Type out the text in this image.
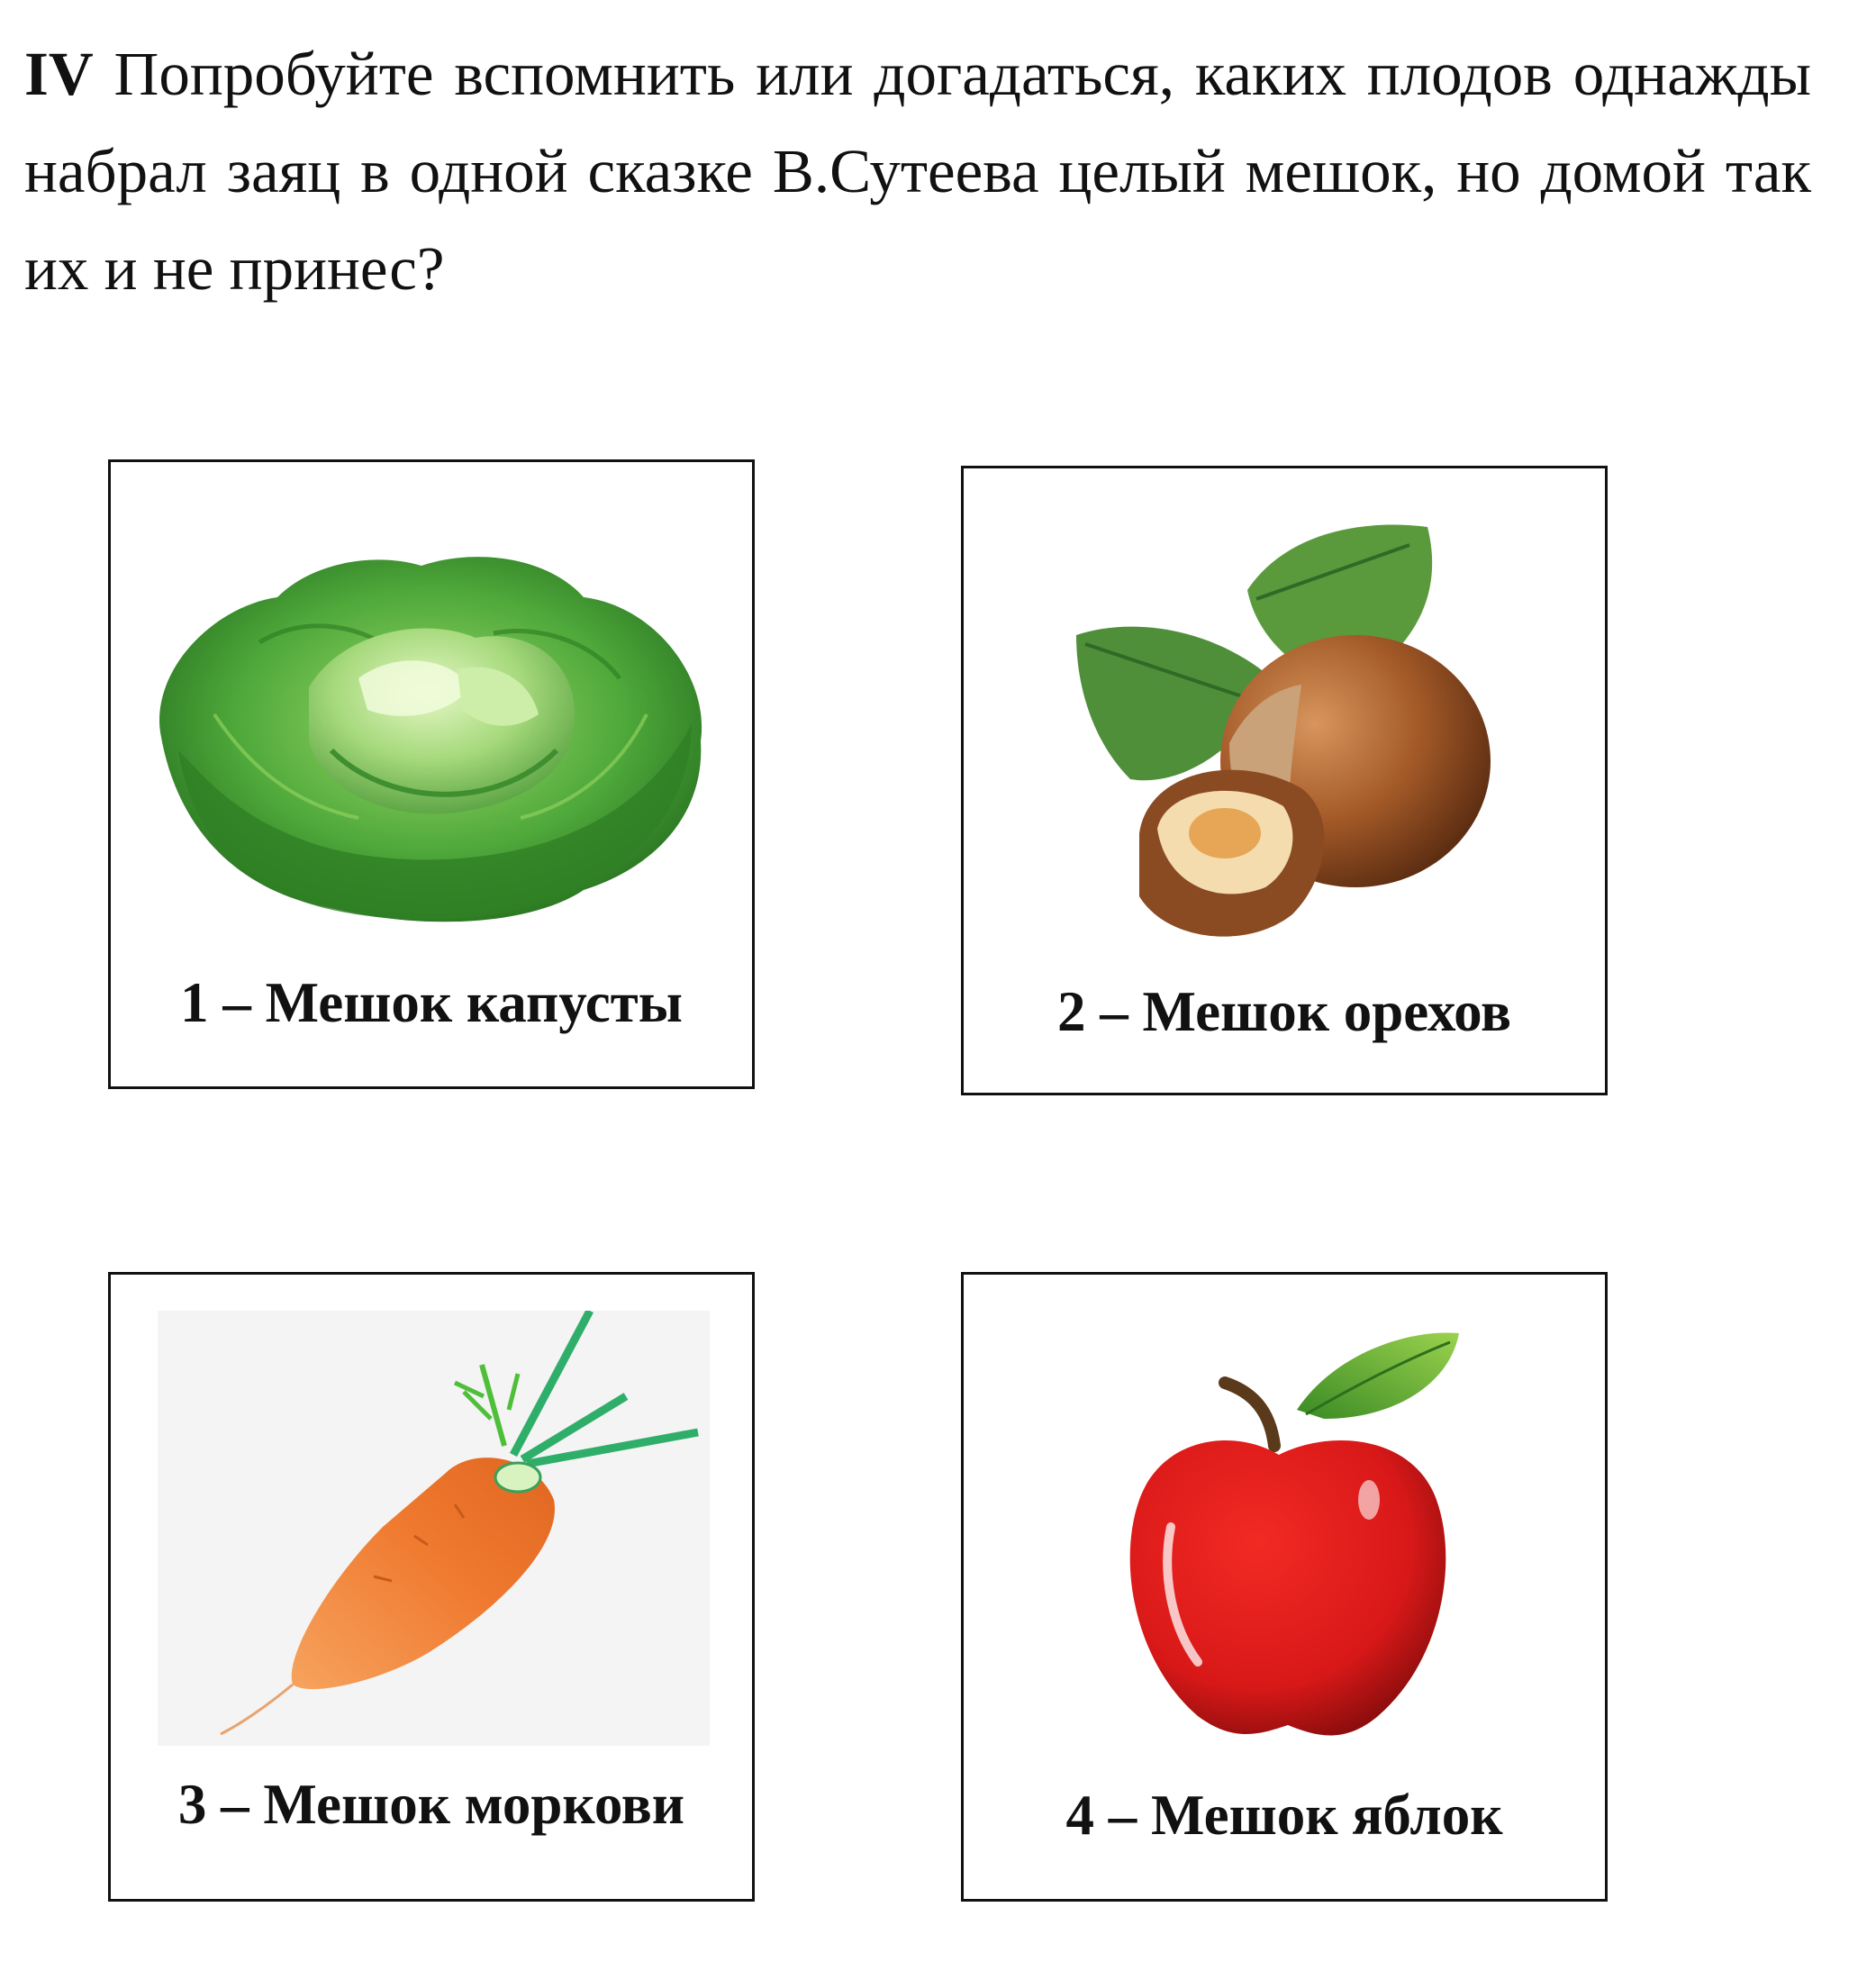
IV Попробуйте вспомнить или догадаться, каких плодов однажды набрал заяц в одной сказке В.Сутеева целый мешок, но домой так их и не принес?

1 – Мешок капусты	2 – Мешок орехов
3 – Мешок моркови	4 – Мешок яблок
